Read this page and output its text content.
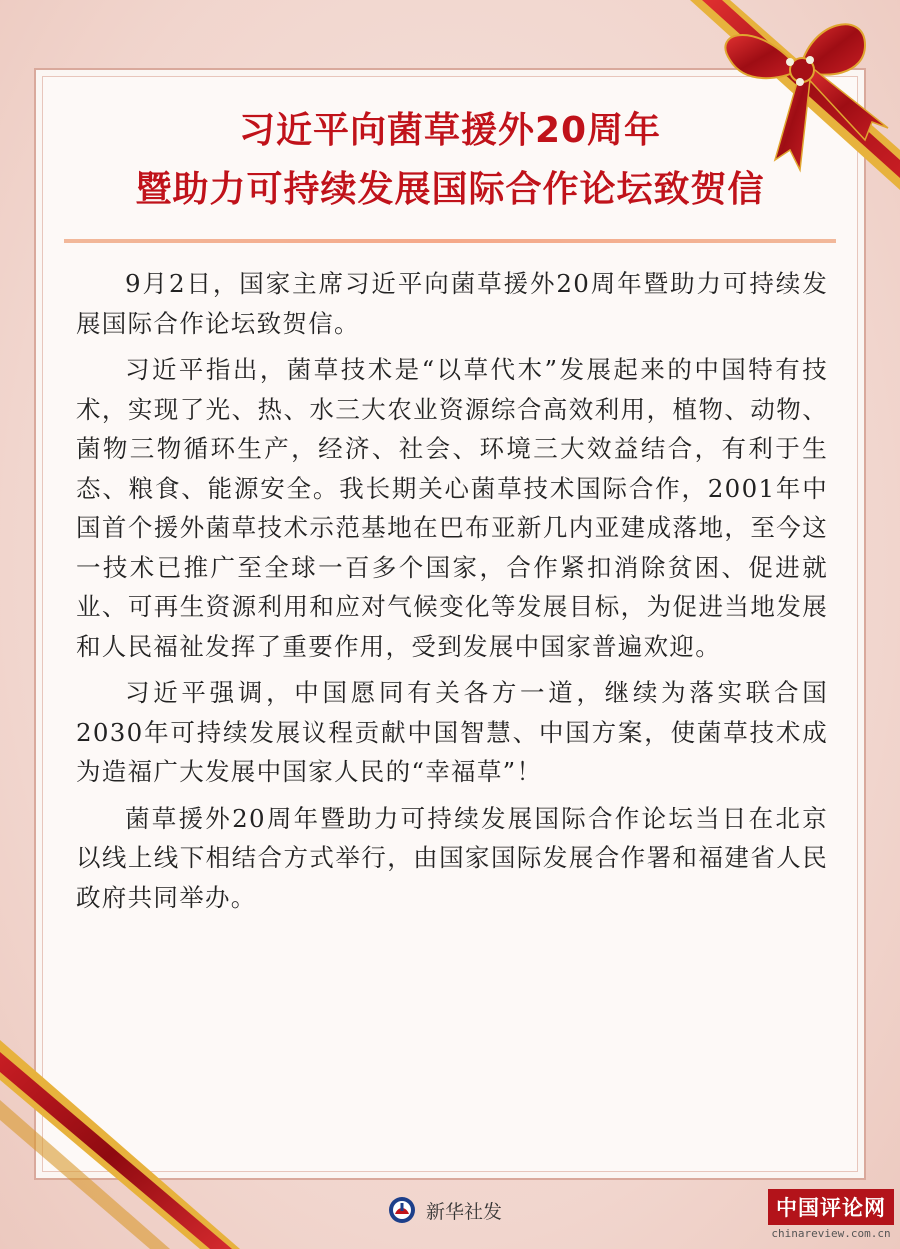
习近平向菌草援外20周年
暨助力可持续发展国际合作论坛致贺信

9月2日，国家主席习近平向菌草援外20周年暨助力可持续发展国际合作论坛致贺信。

习近平指出，菌草技术是“以草代木”发展起来的中国特有技术，实现了光、热、水三大农业资源综合高效利用，植物、动物、菌物三物循环生产，经济、社会、环境三大效益结合，有利于生态、粮食、能源安全。我长期关心菌草技术国际合作，2001年中国首个援外菌草技术示范基地在巴布亚新几内亚建成落地，至今这一技术已推广至全球一百多个国家，合作紧扣消除贫困、促进就业、可再生资源利用和应对气候变化等发展目标，为促进当地发展和人民福祉发挥了重要作用，受到发展中国家普遍欢迎。

习近平强调，中国愿同有关各方一道，继续为落实联合国2030年可持续发展议程贡献中国智慧、中国方案，使菌草技术成为造福广大发展中国家人民的“幸福草”！

菌草援外20周年暨助力可持续发展国际合作论坛当日在北京以线上线下相结合方式举行，由国家国际发展合作署和福建省人民政府共同举办。

新华社发	中国评论网
chinareview.com.cn
